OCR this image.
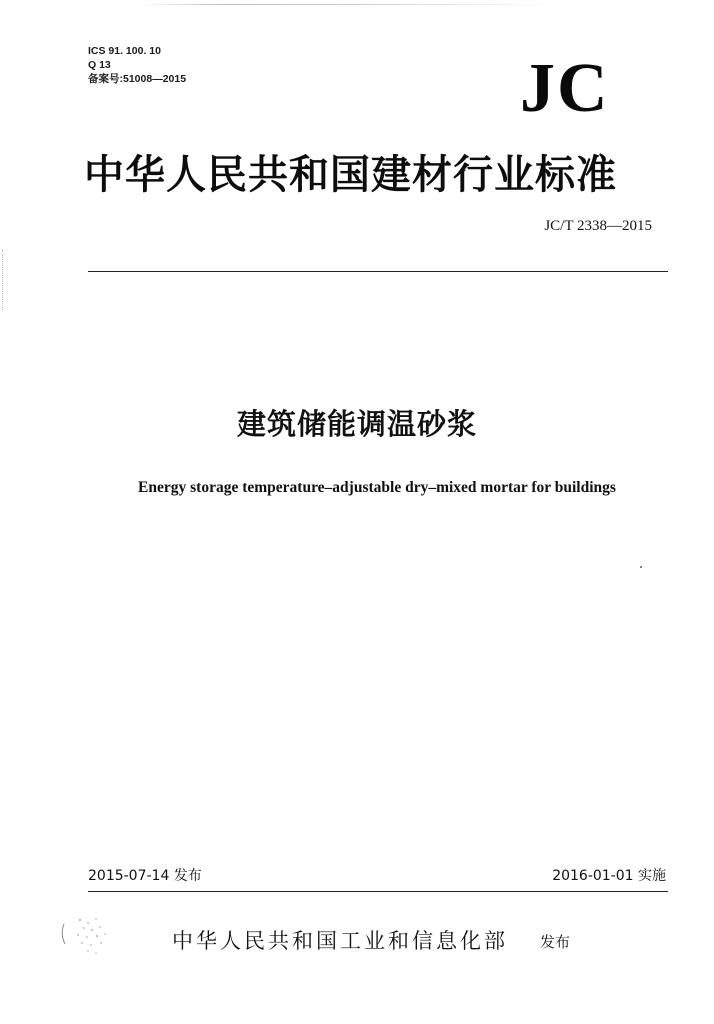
ICS 91. 100. 10
Q 13
备案号:51008—2015	JC
中华人民共和国建材行业标准
JC/T 2338—2015
建筑储能调温砂浆
Energy storage temperature–adjustable dry–mixed mortar for buildings
2015-07-14 发布	2016-01-01 实施
中华人民共和国工业和信息化部 发布
